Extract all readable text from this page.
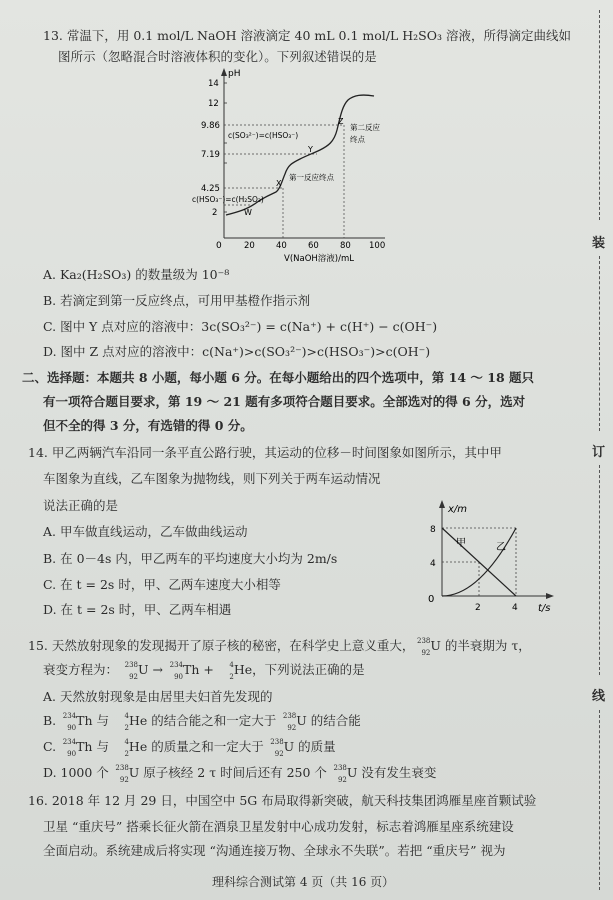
13. 常温下，用 0.1 mol/L NaOH 溶液滴定 40 mL 0.1 mol/L H₂SO₃ 溶液，所得滴定曲线如
图所示（忽略混合时溶液体积的变化）。下列叙述错误的是
pH
0
2
4.25
7.19
9.86
12
14
20 40 60 80 100
V(NaOH溶液)/mL
W
X
Y
Z
c(HSO₃⁻)=c(H₂SO₃)
c(SO₃²⁻)=c(HSO₃⁻)
第一反应终点
第二反应
终点
A. Ka₂(H₂SO₃) 的数量级为 10⁻⁸
B. 若滴定到第一反应终点，可用甲基橙作指示剂
C. 图中 Y 点对应的溶液中：3c(SO₃²⁻) = c(Na⁺) + c(H⁺) − c(OH⁻)
D. 图中 Z 点对应的溶液中：c(Na⁺)>c(SO₃²⁻)>c(HSO₃⁻)>c(OH⁻)
二、选择题：本题共 8 小题，每小题 6 分。在每小题给出的四个选项中，第 14 ～ 18 题只
有一项符合题目要求，第 19 ～ 21 题有多项符合题目要求。全部选对的得 6 分，选对
但不全的得 3 分，有选错的得 0 分。
14. 甲乙两辆汽车沿同一条平直公路行驶，其运动的位移－时间图象如图所示，其中甲
车图象为直线，乙车图象为抛物线，则下列关于两车运动情况
说法正确的是
A. 甲车做直线运动，乙车做曲线运动
B. 在 0－4s 内，甲乙两车的平均速度大小均为 2m/s
C. 在 t = 2s 时，甲、乙两车速度大小相等
D. 在 t = 2s 时，甲、乙两车相遇
x/m
t/s
0
8
4
2	4
甲	乙
15. 天然放射现象的发现揭开了原子核的秘密，在科学史上意义重大， 238
92 U 的半衰期为 τ，
衰变方程为： 238
92 U → 234
90 Th + 4
2 He，下列说法正确的是
A. 天然放射现象是由居里夫妇首先发现的
B. 234
90 Th 与 4
2 He 的结合能之和一定大于 238
92 U 的结合能
C. 234
90 Th 与 4
2 He 的质量之和一定大于 238
92 U 的质量
D. 1000 个 238
92 U 原子核经 2 τ 时间后还有 250 个 238
92 U 没有发生衰变
16. 2018 年 12 月 29 日，中国空中 5G 布局取得新突破，航天科技集团鸿雁星座首颗试验
卫星 “重庆号” 搭乘长征火箭在酒泉卫星发射中心成功发射，标志着鸿雁星座系统建设
全面启动。系统建成后将实现 “沟通连接万物、全球永不失联”。若把 “重庆号” 视为
理科综合测试第 4 页（共 16 页）
装
订
线
